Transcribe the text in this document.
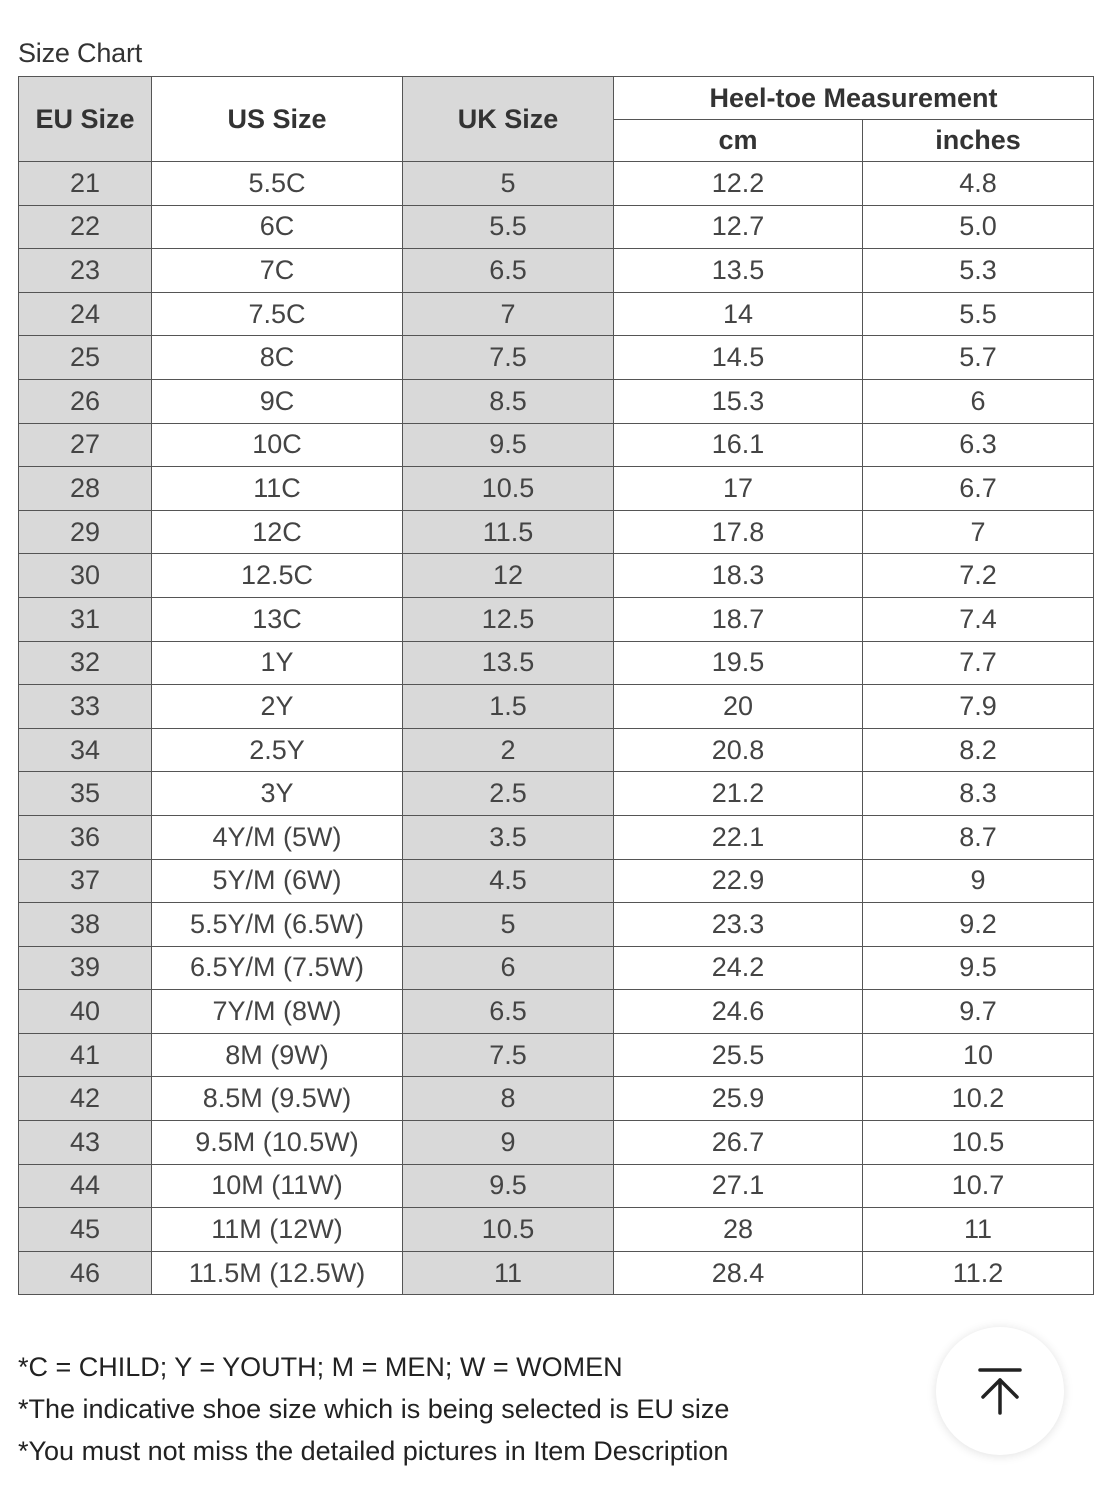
Size Chart
EU Size	US Size	UK Size	Heel-toe Measurement	
			cm	inches
21	5.5C	5	12.2	4.8
22	6C	5.5	12.7	5.0
23	7C	6.5	13.5	5.3
24	7.5C	7	14	5.5
25	8C	7.5	14.5	5.7
26	9C	8.5	15.3	6
27	10C	9.5	16.1	6.3
28	11C	10.5	17	6.7
29	12C	11.5	17.8	7
30	12.5C	12	18.3	7.2
31	13C	12.5	18.7	7.4
32	1Y	13.5	19.5	7.7
33	2Y	1.5	20	7.9
34	2.5Y	2	20.8	8.2
35	3Y	2.5	21.2	8.3
36	4Y/M (5W)	3.5	22.1	8.7
37	5Y/M (6W)	4.5	22.9	9
38	5.5Y/M (6.5W)	5	23.3	9.2
39	6.5Y/M (7.5W)	6	24.2	9.5
40	7Y/M (8W)	6.5	24.6	9.7
41	8M (9W)	7.5	25.5	10
42	8.5M (9.5W)	8	25.9	10.2
43	9.5M (10.5W)	9	26.7	10.5
44	10M (11W)	9.5	27.1	10.7
45	11M (12W)	10.5	28	11
46	11.5M (12.5W)	11	28.4	11.2
*C = CHILD; Y = YOUTH; M = MEN; W = WOMEN
*The indicative shoe size which is being selected is EU size
*You must not miss the detailed pictures in Item Description
